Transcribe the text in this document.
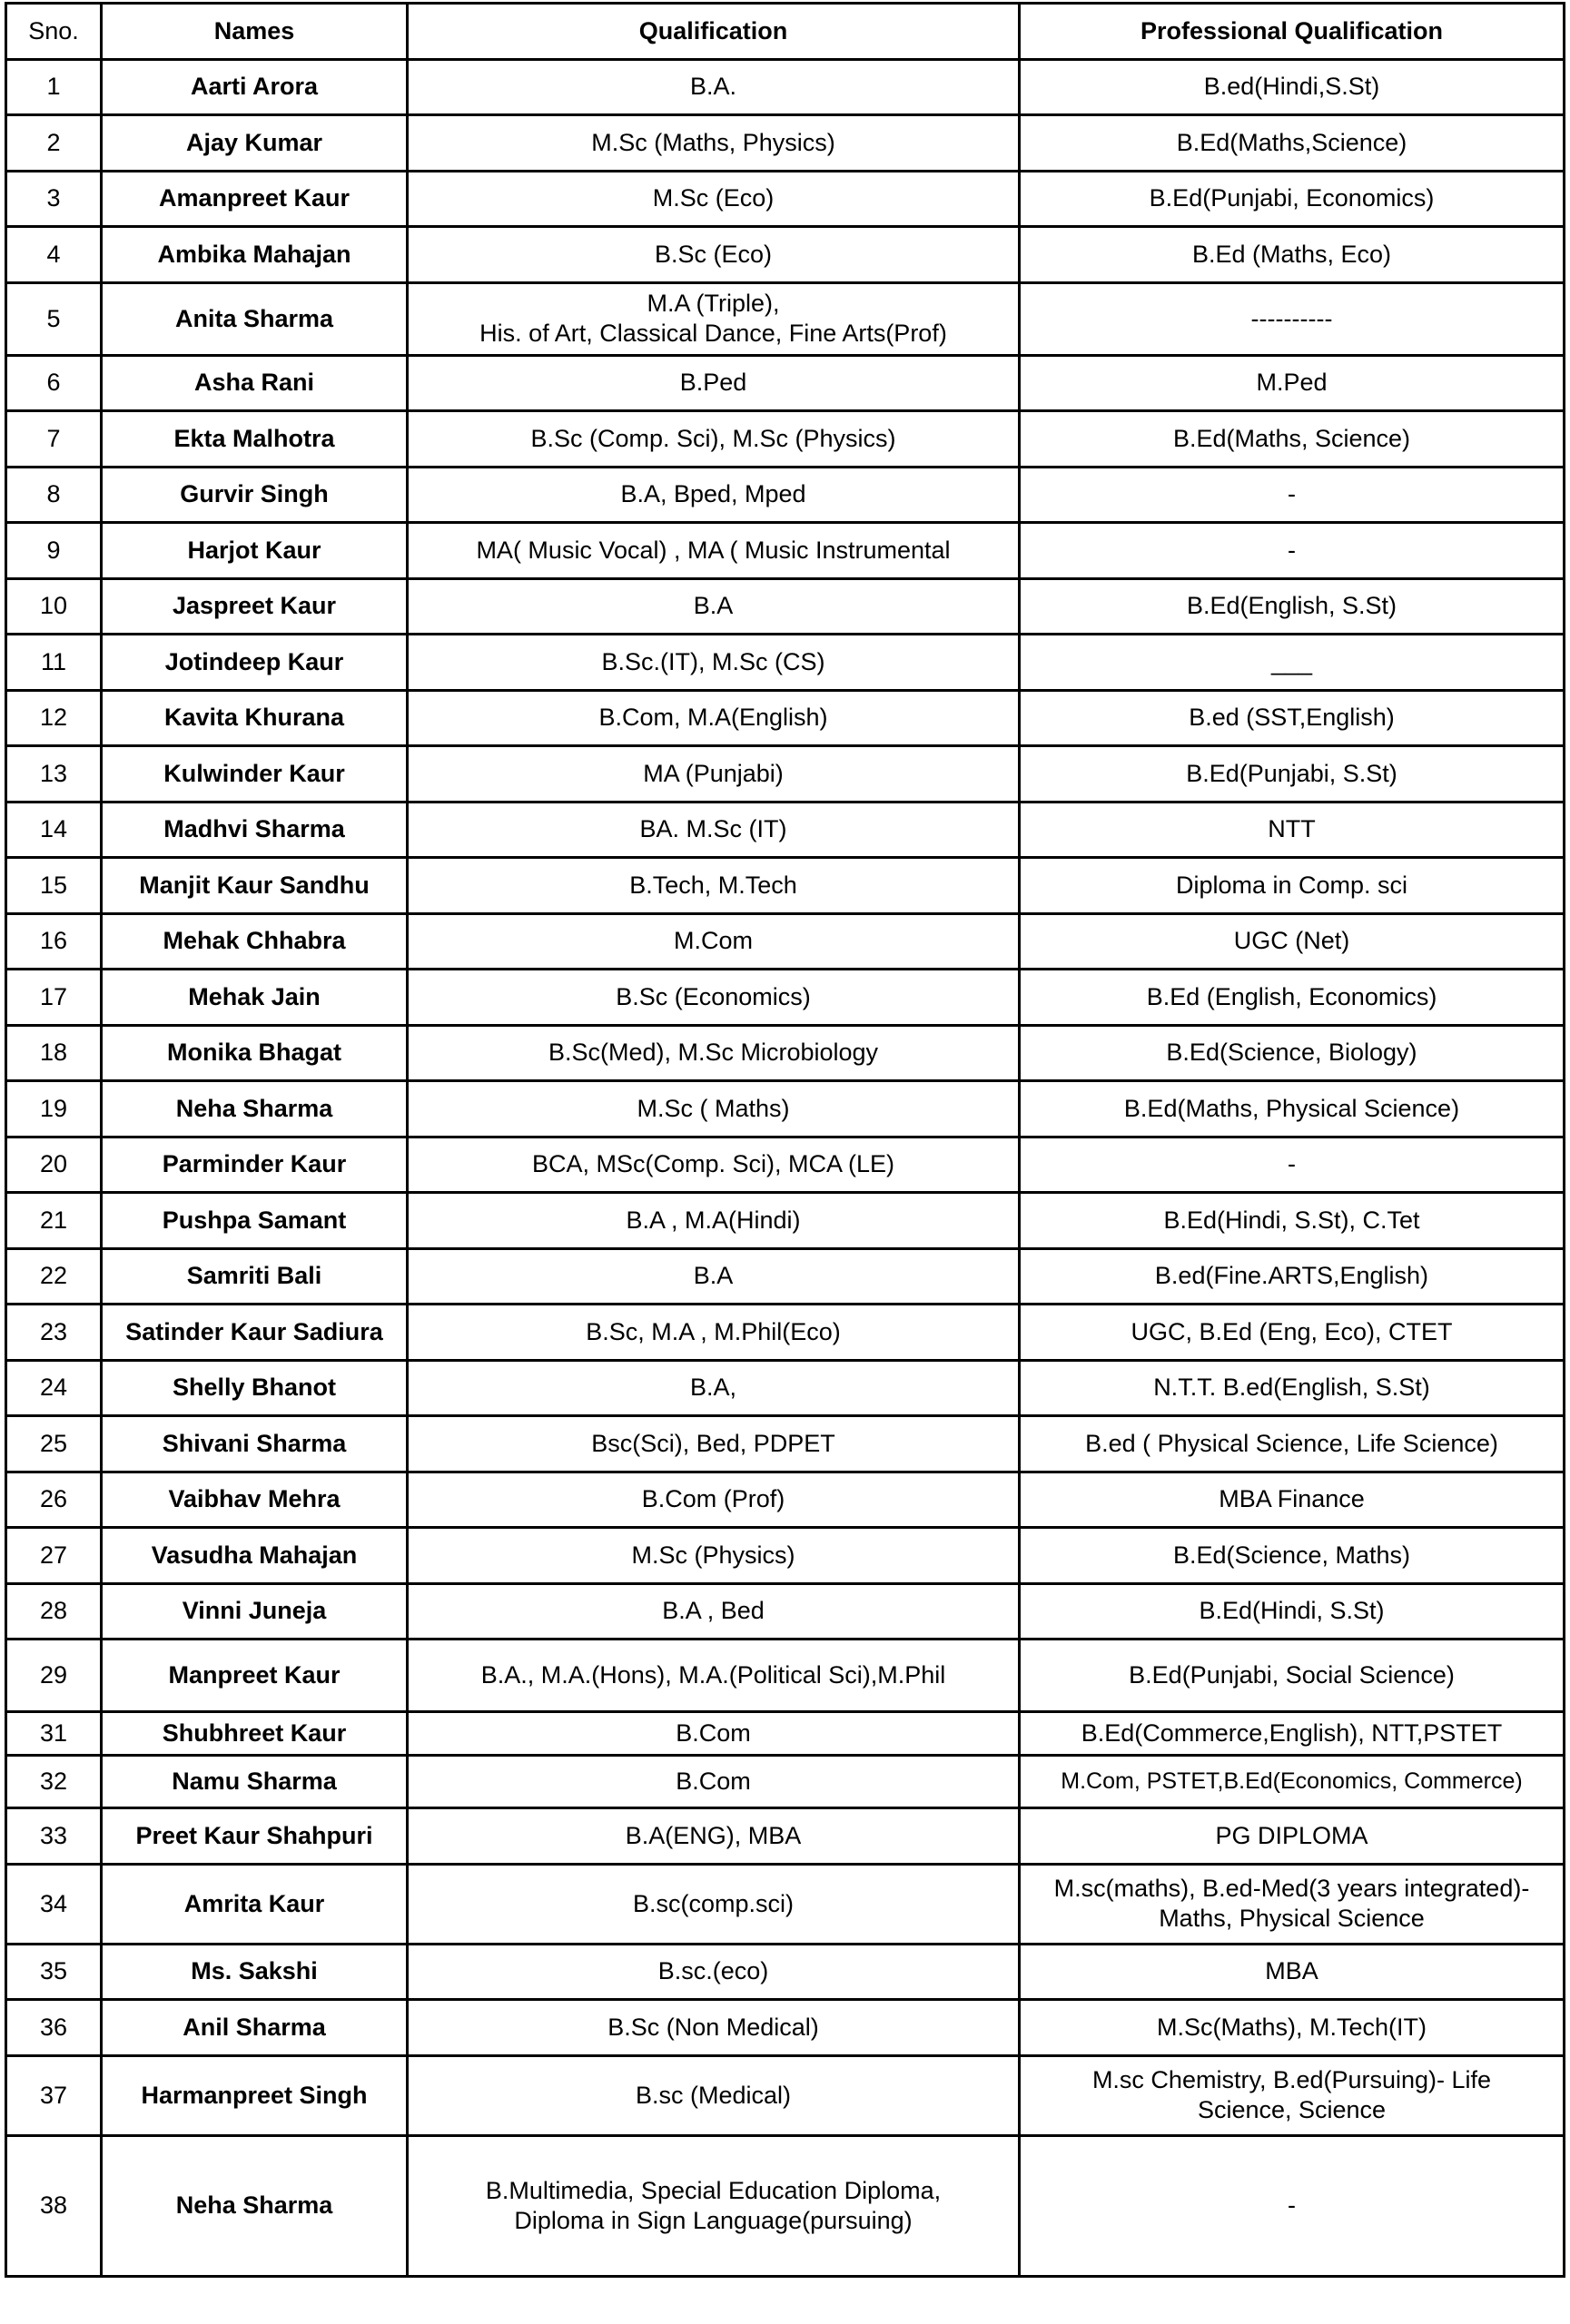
Sno.	Names	Qualification	Professional Qualification
1	Aarti Arora	B.A.	B.ed(Hindi,S.St)

2	Ajay Kumar	M.Sc (Maths, Physics)	B.Ed(Maths,Science)

3	Amanpreet Kaur	M.Sc (Eco)	B.Ed(Punjabi, Economics)

4	Ambika Mahajan	B.Sc (Eco)	B.Ed (Maths, Eco)

5	Anita Sharma	M.A (Triple),
His. of Art, Classical Dance, Fine Arts(Prof)	----------

6	Asha Rani	B.Ped	M.Ped

7	Ekta Malhotra	B.Sc (Comp. Sci), M.Sc (Physics)	B.Ed(Maths, Science)

8	Gurvir Singh	B.A, Bped, Mped	-

9	Harjot Kaur	MA( Music Vocal) , MA ( Music Instrumental	-

10	Jaspreet Kaur	B.A	B.Ed(English, S.St)

11	Jotindeep Kaur	B.Sc.(IT), M.Sc (CS)	___

12	Kavita Khurana	B.Com, M.A(English)	B.ed (SST,English)

13	Kulwinder Kaur	MA (Punjabi)	B.Ed(Punjabi, S.St)

14	Madhvi Sharma	BA. M.Sc (IT)	NTT

15	Manjit Kaur Sandhu	B.Tech, M.Tech	Diploma in Comp. sci

16	Mehak Chhabra	M.Com	UGC (Net)

17	Mehak Jain	B.Sc (Economics)	B.Ed (English, Economics)

18	Monika Bhagat	B.Sc(Med), M.Sc Microbiology	B.Ed(Science, Biology)

19	Neha Sharma	M.Sc ( Maths)	B.Ed(Maths, Physical Science)

20	Parminder Kaur	BCA, MSc(Comp. Sci), MCA (LE)	-

21	Pushpa Samant	B.A , M.A(Hindi)	B.Ed(Hindi, S.St), C.Tet

22	Samriti Bali	B.A	B.ed(Fine.ARTS,English)

23	Satinder Kaur Sadiura	B.Sc, M.A , M.Phil(Eco)	UGC, B.Ed (Eng, Eco), CTET

24	Shelly Bhanot	B.A,	N.T.T. B.ed(English, S.St)

25	Shivani Sharma	Bsc(Sci), Bed, PDPET	B.ed ( Physical Science, Life Science)

26	Vaibhav Mehra	B.Com (Prof)	MBA Finance

27	Vasudha Mahajan	M.Sc (Physics)	B.Ed(Science, Maths)

28	Vinni Juneja	B.A , Bed	B.Ed(Hindi, S.St)

29	Manpreet Kaur	B.A., M.A.(Hons), M.A.(Political Sci),M.Phil	B.Ed(Punjabi, Social Science)

31	Shubhreet Kaur	B.Com	B.Ed(Commerce,English), NTT,PSTET

32	Namu Sharma	B.Com	M.Com, PSTET,B.Ed(Economics, Commerce)

33	Preet Kaur Shahpuri	B.A(ENG), MBA	PG DIPLOMA

34	Amrita Kaur	B.sc(comp.sci)	M.sc(maths), B.ed-Med(3 years integrated)-
Maths, Physical Science

35	Ms. Sakshi	B.sc.(eco)	MBA

36	Anil Sharma	B.Sc (Non Medical)	M.Sc(Maths), M.Tech(IT)

37	Harmanpreet Singh	B.sc (Medical)	M.sc Chemistry, B.ed(Pursuing)- Life
Science, Science

38	Neha Sharma	B.Multimedia, Special Education Diploma,
Diploma in Sign Language(pursuing)	-
